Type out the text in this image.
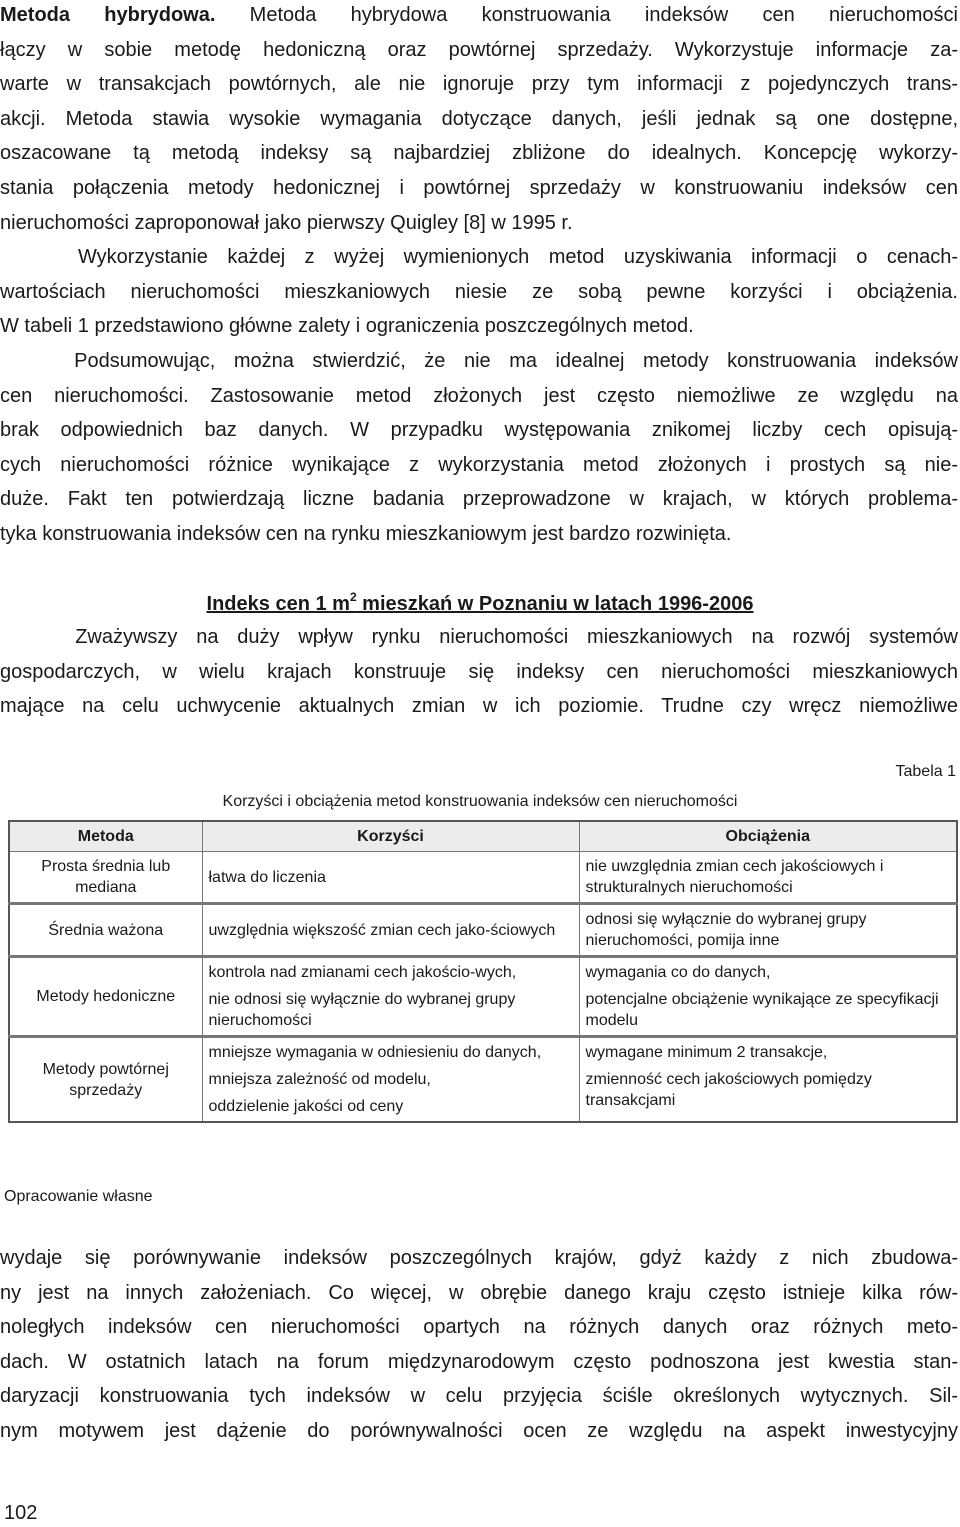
Metoda hybrydowa. Metoda hybrydowa konstruowania indeksów cen nieruchomości
łączy w sobie metodę hedoniczną oraz powtórnej sprzedaży. Wykorzystuje informacje za-
warte w transakcjach powtórnych, ale nie ignoruje przy tym informacji z pojedynczych trans-
akcji. Metoda stawia wysokie wymagania dotyczące danych, jeśli jednak są one dostępne,
oszacowane tą metodą indeksy są najbardziej zbliżone do idealnych. Koncepcję wykorzy-
stania połączenia metody hedonicznej i powtórnej sprzedaży w konstruowaniu indeksów cen
nieruchomości zaproponował jako pierwszy Quigley [8] w 1995 r.
Wykorzystanie każdej z wyżej wymienionych metod uzyskiwania informacji o cenach-
wartościach nieruchomości mieszkaniowych niesie ze sobą pewne korzyści i obciążenia.
W tabeli 1 przedstawiono główne zalety i ograniczenia poszczególnych metod.
Podsumowując, można stwierdzić, że nie ma idealnej metody konstruowania indeksów
cen nieruchomości. Zastosowanie metod złożonych jest często niemożliwe ze względu na
brak odpowiednich baz danych. W przypadku występowania znikomej liczby cech opisują-
cych nieruchomości różnice wynikające z wykorzystania metod złożonych i prostych są nie-
duże. Fakt ten potwierdzają liczne badania przeprowadzone w krajach, w których problema-
tyka konstruowania indeksów cen na rynku mieszkaniowym jest bardzo rozwinięta.
Indeks cen 1 $m^2$ mieszkań w Poznaniu w latach 1996-2006
Zważywszy na duży wpływ rynku nieruchomości mieszkaniowych na rozwój systemów
gospodarczych, w wielu krajach konstruuje się indeksy cen nieruchomości mieszkaniowych
mające na celu uchwycenie aktualnych zmian w ich poziomie. Trudne czy wręcz niemożliwe
Tabela 1
Korzyści i obciążenia metod konstruowania indeksów cen nieruchomości
Metoda	Korzyści	Obciążenia
Prosta średnia lub mediana	łatwa do liczenia	nie uwzględnia zmian cech jakościowych i strukturalnych nieruchomości

Średnia ważona	uwzględnia większość zmian cech jako-ściowych	odnosi się wyłącznie do wybranej grupy nieruchomości, pomija inne

Metody hedoniczne	kontrola nad zmianami cech jakościo-wych,
nie odnosi się wyłącznie do wybranej grupy nieruchomości	wymagania co do danych,
potencjalne obciążenie wynikające ze specyfikacji modelu

Metody powtórnej sprzedaży	mniejsze wymagania w odniesieniu do danych,
mniejsza zależność od modelu,
oddzielenie jakości od ceny	wymagane minimum 2 transakcje,
zmienność cech jakościowych pomiędzy transakcjami
Opracowanie własne
wydaje się porównywanie indeksów poszczególnych krajów, gdyż każdy z nich zbudowa-
ny jest na innych założeniach. Co więcej, w obrębie danego kraju często istnieje kilka rów-
noległych indeksów cen nieruchomości opartych na różnych danych oraz różnych meto-
dach. W ostatnich latach na forum międzynarodowym często podnoszona jest kwestia stan-
daryzacji konstruowania tych indeksów w celu przyjęcia ściśle określonych wytycznych. Sil-
nym motywem jest dążenie do porównywalności ocen ze względu na aspekt inwestycyjny
102
